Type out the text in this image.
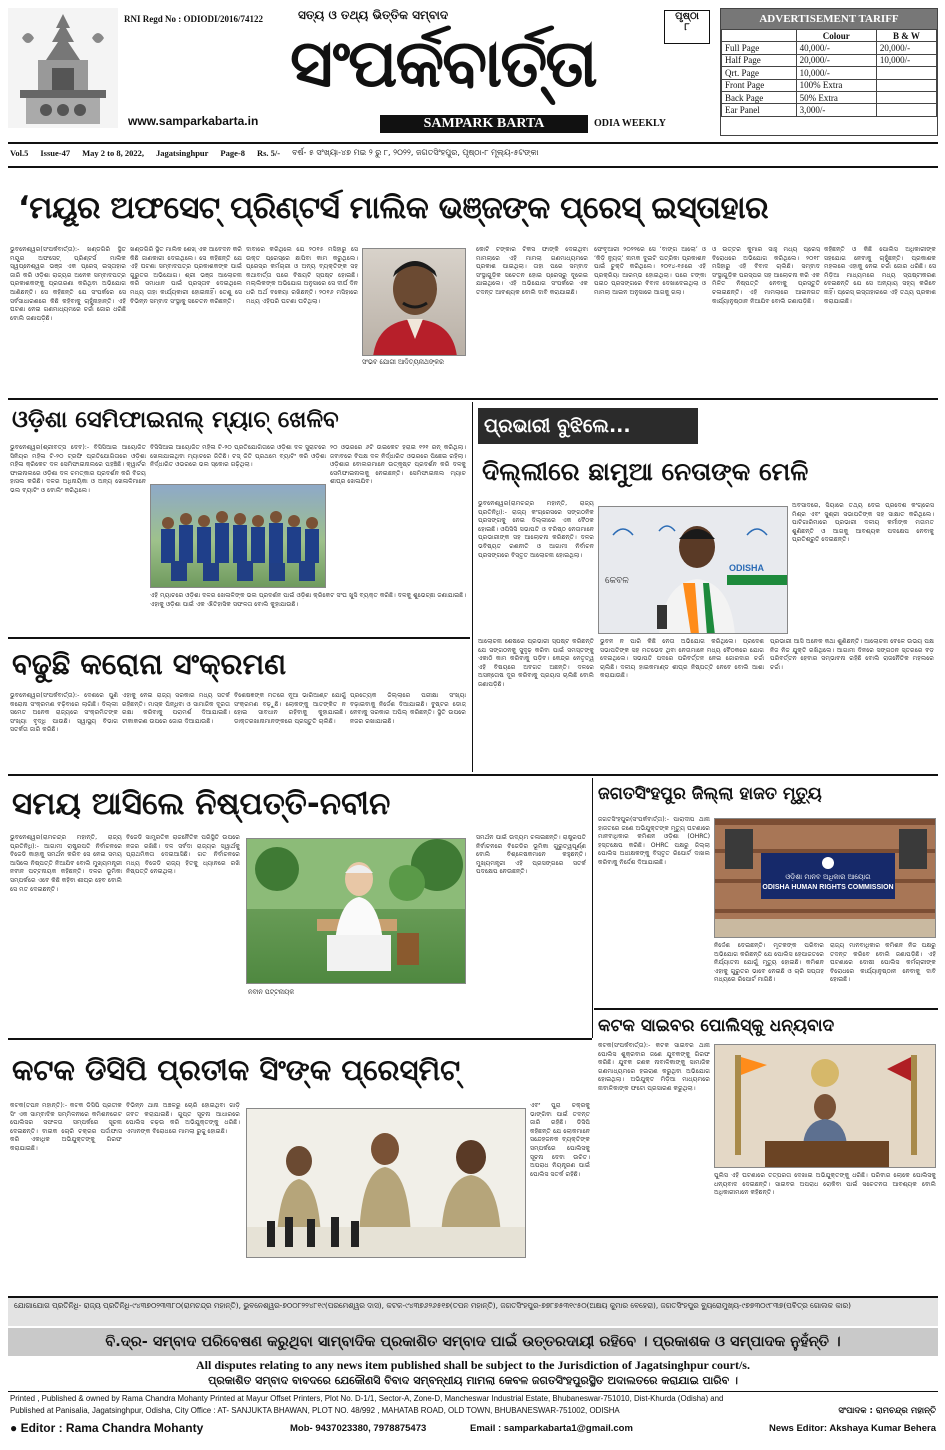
RNI Regd No : ODIODI/2016/74122	ସତ୍ୟ ଓ ତଥ୍ୟ ଭିତ୍ତିକ ସମ୍ବାଦ
ସଂପର୍କବାର୍ତ୍ତା
SAMPARK BARTA	ODIA WEEKLY
www.samparkabarta.in
ପୃଷ୍ଠା
୮
ADVERTISEMENT TARIFF
	Colour	B & W
Full Page	40,000/-	20,000/-
Half Page	20,000/-	10,000/-
Qrt. Page	10,000/-	
Front Page	100% Extra	
Back Page	50% Extra	
Ear Panel	3,000/-	
Vol.5 Issue-47 May 2 to 8, 2022, Jagatsinghpur Page-8 Rs. 5/- ବର୍ଷ- ୫ ସଂଖ୍ୟା-୪୭ ମଇ ୨ ରୁ ୮, ୨୦୨୨, ଜଗତସିଂହପୁର, ପୃଷ୍ଠା-୮ ମୂଲ୍ୟ-୫ଟଙ୍କା
‘ମୟୂର ଅଫସେଟ୍ ପ୍ରିଣ୍ଟର୍ସ ମାଲିକ ଭଞ୍ଜଙ୍କ ପ୍ରେସ୍ ଇସ୍ତାହାର
ଭୁବନେଶ୍ୱର(ସଂପର୍କବାର୍ତ୍ତା):- ଖଣ୍ଡଗିରି ସ୍ଥିତ ମୟୂର ଅଫସେଟ୍ ପ୍ରିଣ୍ଟର୍ସ ମାଲିକ ସ୍ୱପ୍ନେଶ୍ୱର ଭଞ୍ଜ ଏକ ପ୍ରେସ୍ ଇସ୍ତାହାର ଜାରି କରି ଓଡ଼ିଶା ରାଜ୍ୟର ଅନେକ ସମ୍ବାଦପତ୍ର ପ୍ରକାଶକଙ୍କୁ ପ୍ରତାରଣା କରିଥିବା ଅଭିଯୋଗ ଆଣିଛନ୍ତି। ସେ କହିଛନ୍ତି ଯେ ସଂପର୍କରେ ସେ ସର୍ବସାଧାରଣରେ କିଛି କହିବାକୁ ଚାହୁଁନାହାନ୍ତି। ଏହି ଘଟଣା ନେଇ ଗଣମାଧ୍ୟମରେ ଚର୍ଚ୍ଚା ଜୋର ଧରିଛି ବୋଲି ଜଣାପଡ଼ିଛି।
ଖଣ୍ଡଗିରି ସ୍ଥିତ ମାଲିକ ଶେଖ୍ ଏକ ଆବେଦନ କରି କିଛି ଜାଣକାରୀ ଦେଇଥିଲେ। ସେ କହିଛନ୍ତି ଯେ ଏହି ଘଟଣା ସମ୍ବାଦପତ୍ର ପ୍ରକାଶକଙ୍କ ପାଇଁ ଗୁରୁତର ଅଭିଯୋଗ। ଶ୍ରୀ ଭଞ୍ଜ ଆଲୋଚନା କରି ସମାଧାନ ପାଇଁ ପ୍ରସ୍ତାବ ଦେଇଥିଲେ ମଧ୍ୟ ତାହା କାର୍ଯ୍ୟକାରୀ ହୋଇନାହିଁ। ତେଣୁ ସେ ବିଭିନ୍ନ ସମ୍ବାଦ ସଂସ୍ଥାକୁ ସଚେତନ କରିଛନ୍ତି।
ଦାବାରେ କରିଥିଲେ ଯେ ୨୦୧୫ ମସିହାରୁ ସେ ଉକ୍ତ ପ୍ରେସ୍‌ରେ ଛାପିବା କାମ କରୁଥିଲେ। ପ୍ରେସ୍‌ର କର୍ମଚାରୀ ଓ ଅନ୍ୟ ବ୍ୟକ୍ତିଙ୍କ ସହ କଥାବାର୍ତ୍ତା ପରେ ବିଷୟଟି ସ୍ପଷ୍ଟ ହୋଇଛି। ମଲ୍ଲିକଙ୍କ ଅଭିଯୋଗ ଅନୁସାରେ ସେ ଦୀର୍ଘ ଦିନ ଧରି ଅର୍ଥ ବକେୟା ରଖିଛନ୍ତି। ୨୦୧୬ ମସିହାରେ ମଧ୍ୟ ଏହିପରି ଘଟଣା ଘଟିଥିଲା।
ସଂଭବ ଯୋଗୀ ଆଦିତ୍ୟନାଥଙ୍କର
କୋଟି ଟଙ୍କାର ଟିକସ ଫାଙ୍କି ଦେଇଥିବା ମାମଲାରେ ଏହି ମାମଲା ଗଣମାଧ୍ୟମରେ ପ୍ରକାଶ ପାଇଥିଲା। ତାହା ପରେ ସମ୍ବାଦ ସଂସ୍ଥାଗୁଡ଼ିକ ସଚେତନ ହୋଇ ପ୍ରେସ୍‌ରୁ ଦୂରେଇ ଯାଇଥିଲେ। ଏହି ଅଭିଯୋଗ ସଂପର୍କରେ ଏକ ତଦନ୍ତ ଆବଶ୍ୟକ ବୋଲି ଦାବି କରାଯାଇଛି।
ଫେବୃଆରୀ ୨୦୨୨ରେ ସେ ‘ବାଙ୍ଗ ଆଲୋ’ ଓ ‘କିଡ଼ି ନ୍ୟୁଜ୍’ ନାମକ ଦୁଇଟି ପତ୍ରିକା ପ୍ରକାଶନ ପାଇଁ ଚୁକ୍ତି କରିଥିଲେ। ୨୦୧୪-୧୫ରେ ଏହି ପ୍ରକ୍ରିୟା ଆରମ୍ଭ ହୋଇଥିଲା। ପରେ ଟଙ୍କା ପଇଠ ପ୍ରସଙ୍ଗରେ ବିବାଦ ଦେଖାଦେଇଥିଲା ଓ ମାମଲା ଆଇନ ଅନୁସାରେ ଆଗକୁ ଗଲା।
ଓ ଉତ୍ତର କୁମାର ସାହୁ ମଧ୍ୟ ପ୍ରେସ୍ ବିରୋଧରେ ଅଭିଯୋଗ କରିଥିଲେ। ୨୦୧୮ ମସିହାରୁ ଏହି ବିବାଦ ଚାଲିଛି। ସମ୍ବାଦ ସଂସ୍ଥାଗୁଡ଼ିକ ପରସ୍ପର ସହ ଆଲୋଚନା କରି ଏକ ମିଳିତ ନିଷ୍ପତ୍ତି ନେବାକୁ ପ୍ରସ୍ତୁତି ଚଳାଇଛନ୍ତି। ଏହି ମାମଲାରେ ଆଇନଗତ କାର୍ଯ୍ୟାନୁଷ୍ଠାନ ନିଆଯିବ ବୋଲି ଜଣାପଡ଼ିଛି।
କହିଛନ୍ତି ଓ କିଛି ପୋଲିସ ଅଧିକାରୀଙ୍କ ସହଯୋଗ ନେବାକୁ ଚାହୁଁଛନ୍ତି। ପ୍ରକାଶକ ମହଲରେ ଏହାକୁ ନେଇ ଚର୍ଚ୍ଚା ଜୋର ଧରିଛି। ସେ ମିଡ଼ିଆ ମାଧ୍ୟମରେ ମଧ୍ୟ ସ୍ପଷ୍ଟୀକରଣ ଦେଇଛନ୍ତି ଯେ ସେ ଅନ୍ୟାୟ ସହ୍ୟ କରିବେ ନାହିଁ। ପ୍ରେସ୍ ଇସ୍ତାହାରରେ ଏହି ତଥ୍ୟ ପ୍ରକାଶ କରାଯାଇଛି।
ଓଡ଼ିଶା ସେମିଫାଇନାଲ୍ ମ୍ୟାଚ୍ ଖେଳିବ
ଭୁବନେଶ୍ୱର(ଶ୍ରୀବତ୍ସ ଦେବ):- ବିସିସିଆଇ ଆୟୋଜିତ ସିନିୟର ମହିଳା ଟି-୨୦ ଟ୍ରଫି ପ୍ରତିଯୋଗିତାରେ ଓଡ଼ିଶା ମହିଳା କ୍ରିକେଟ ଦଳ ସେମିଫାଇନାଲରେ ପହଞ୍ଚିଛି। କ୍ୱାର୍ଟର ଫାଇନାଲରେ ଓଡ଼ିଶା ଦଳ ଚମତ୍କାର ପ୍ରଦର୍ଶନ କରି ବିଜୟ ହାସଲ କରିଛି। ଦଳର ଅଧିନାୟିକା ଓ ଅନ୍ୟ ଖେଳାଳିମାନେ ଭଲ ବ୍ୟାଟିଂ ଓ ବୋଲିଂ କରିଥିଲେ।
ବିସିସିଆଇ ଆୟୋଜିତ ମହିଳା ଟି-୨୦ ପ୍ରତିଯୋଗିତାରେ ଓଡ଼ିଶା ଦଳ ସୁରାଟରେ ଖେଳାଯାଇଥିବା ମ୍ୟାଚରେ ଜିତିଛି। ଟସ୍ ଜିତି ପ୍ରଥମେ ବ୍ୟାଟିଂ କରି ଓଡ଼ିଶା ନିର୍ଦ୍ଧାରିତ ଓଭରରେ ଭଲ ସ୍କୋର ଗଢ଼ିଥିଲା।
୨୦ ଓଭରରେ ୬ଟି ଉଇକେଟ ହରାଇ ୧୨୧ ରନ୍ କରିଥିଲା। ଜବାବରେ ବିପକ୍ଷ ଦଳ ନିର୍ଦ୍ଧାରିତ ଓଭରରେ ପିଛେଇ ରହିଲା। ଓଡ଼ିଶାର ବୋଲରମାନେ ଉତ୍କୃଷ୍ଟ ପ୍ରଦର୍ଶନ କରି ଦଳକୁ ସେମିଫାଇନାଲକୁ ନେଇଛନ୍ତି। ସେମିଫାଇନାଲ ମ୍ୟାଚ ଶୀଘ୍ର ଖେଳାଯିବ।
ଏହି ମ୍ୟାଚରେ ଓଡ଼ିଶା ଦଳର ଖେଳାଳିଙ୍କ ଭଲ ପ୍ରଦର୍ଶନ ପାଇଁ ଓଡ଼ିଶା କ୍ରିକେଟ ସଂଘ ଖୁସି ବ୍ୟକ୍ତ କରିଛି। ଦଳକୁ ଶୁଭେଚ୍ଛା ଜଣାଯାଇଛି। ଏହାକୁ ଓଡ଼ିଶା ପାଇଁ ଏକ ଐତିହାସିକ ସଫଳତା ବୋଲି କୁହାଯାଉଛି।
ପ୍ରଭାରୀ ବୁଝିଲେ...
ଦିଲ୍ଲୀରେ ଛାମୁଆ ନେତାଙ୍କ ମେଳି
ଭୁବନେଶ୍ୱର(ରାମଚନ୍ଦ୍ର ମହାନ୍ତି, ରାଜ୍ୟ ପ୍ରତିନିଧି):- ରାଜ୍ୟ କଂଗ୍ରେସରେ ସଙ୍ଗଠନିକ ପ୍ରସଙ୍ଗକୁ ନେଇ ଦିଲ୍ଲୀରେ ଏକ ବୈଠକ ହୋଇଛି। ଓପିସିସି ସଭାପତି ଓ ବରିଷ୍ଠ ନେତାମାନେ ପ୍ରଭାରୀଙ୍କ ସହ ଆଲୋଚନା କରିଛନ୍ତି। ଦଳର ଭବିଷ୍ୟତ ରଣନୀତି ଓ ଆଗାମୀ ନିର୍ବାଚନ ପ୍ରସଙ୍ଗରେ ବିସ୍ତୃତ ଆଲୋଚନା ହୋଇଥିଲା।
କେବଳ
ODISHA
ଅବସାଦରେ, ସିୟାରେ ତଥ୍ୟ ଦେଇ ପ୍ରଦେଶ କଂଗ୍ରେସ ମିଶ୍ର ଏବଂ ସୁଶ୍ରୀ ସଭାପତିଙ୍କ ସହ ସାକ୍ଷାତ କରିଥିଲେ। ପାଟିଗାରିମାରେ ପ୍ରଭାରୀ ଦଳୀୟ କର୍ମୀଙ୍କ ମତାମତ ଶୁଣିଛନ୍ତି ଓ ଆଗକୁ ଆବଶ୍ୟକ ପଦକ୍ଷେପ ନେବାକୁ ପ୍ରତିଶ୍ରୁତି ଦେଇଛନ୍ତି।
ଆଲୋଚନା ଶେଷରେ ପ୍ରଭାରୀ ସ୍ପଷ୍ଟ କରିଛନ୍ତି ଯେ ସଙ୍ଗଠନକୁ ସୁଦୃଢ଼ କରିବା ପାଇଁ ସମସ୍ତଙ୍କୁ ଏକାଠି କାମ କରିବାକୁ ପଡ଼ିବ। କେନ୍ଦ୍ର ନେତୃତ୍ୱ ଏହି ବିଷୟରେ ଅବଗତ ଅଛନ୍ତି। ଦଳରେ ଅସନ୍ତୋଷ ଦୂର କରିବାକୁ ପ୍ରୟାସ ଚାଲିଛି ବୋଲି ଜଣାପଡ଼ିଛି।
ଭୁବନ ନ ପାରି କିଛି ନେତା ଅଭିଯୋଗ କରିଥିଲେ। ପ୍ରଦେଶ ସଭାପତିଙ୍କ ସହ ମତଭେଦ ଥିବା ନେତାମାନେ ମଧ୍ୟ ବୈଠକରେ ଯୋଗ ଦେଇଥିଲେ। ସଭାପତି ପଦରେ ପରିବର୍ତ୍ତନ ନେଇ ଜୋରଦାର ଚର୍ଚ୍ଚା ଚାଲିଛି। ଦଳୀୟ ହାଇକମାଣ୍ଡ ଶୀଘ୍ର ନିଷ୍ପତ୍ତି ନେବେ ବୋଲି ଆଶା କରାଯାଉଛି।
ପ୍ରଭାରୀ ଆସି ଅନେକ କଥା ଶୁଣିଛନ୍ତି। ଆଲୋଚନା ବେଳେ ଉଭୟ ପକ୍ଷ ନିଜ ନିଜ ଯୁକ୍ତି ରଖିଥିଲେ। ଆଗାମୀ ଦିନରେ ସଙ୍ଗଠନ ସ୍ତରରେ ବଡ଼ ପରିବର୍ତ୍ତନ ହେବାର ସମ୍ଭାବନା ରହିଛି ବୋଲି ରାଜନୈତିକ ମହଲରେ ଚର୍ଚ୍ଚା।
ବଢୁଛି କରୋନା ସଂକ୍ରମଣ
ଭୁବନେଶ୍ୱର(ସଂପର୍କବାର୍ତ୍ତା):- ଦେଶରେ ପୁଣି କରୋନା ସଂକ୍ରମଣ ବଢ଼ିବାରେ ଲାଗିଛି। ଦିଲ୍ଲୀ ସମେତ ଅନେକ ରାଜ୍ୟରେ ସଂକ୍ରମିତଙ୍କ ସଂଖ୍ୟା ବୃଦ୍ଧି ପାଉଛି। ସ୍ୱାସ୍ଥ୍ୟ ବିଭାଗ ସତର୍କତା ଜାରି କରିଛି।
ଏହାକୁ ନେଇ ରାଜ୍ୟ ସରକାର ମଧ୍ୟ ସତର୍କ ରହିଛନ୍ତି। ମାସ୍କ ପିନ୍ଧିବା ଓ ସାମାଜିକ ଦୂରତା ରକ୍ଷା କରିବାକୁ ପରାମର୍ଶ ଦିଆଯାଇଛି। ଟୀକାକରଣ ଉପରେ ଜୋର ଦିଆଯାଉଛି।
ବିଶେଷଜ୍ଞଙ୍କ ମତରେ ନୂଆ ଭାରିଆଣ୍ଟ ଯୋଗୁଁ ସଂକ୍ରମଣ ବଢ଼ୁଛି। ଲୋକଙ୍କୁ ଆତଙ୍କିତ ନ ହୋଇ ସାବଧାନ ରହିବାକୁ କୁହାଯାଇଛି। ଡାକ୍ତରଖାନାମାନଙ୍କରେ ପ୍ରସ୍ତୁତି ଚାଲିଛି।
ପ୍ରତ୍ୟେକ ଜିଲ୍ଲାରେ ପରୀକ୍ଷା ସଂଖ୍ୟା ବଢ଼ାଇବାକୁ ନିର୍ଦ୍ଦେଶ ଦିଆଯାଇଛି। ବୁଷ୍ଟର ଡୋଜ୍ ନେବାକୁ ସରକାର ଅପିଲ୍ କରିଛନ୍ତି। ସ୍ଥିତି ଉପରେ ନଜର ରଖାଯାଇଛି।
ସମୟ ଆସିଲେ ନିଷ୍ପତ୍ତି-ନବୀନ
ଭୁବନେଶ୍ୱର(ରାମଚନ୍ଦ୍ର ମହାନ୍ତି, ରାଜ୍ୟ ପ୍ରତିନିଧି):- ଆଗାମୀ ରାଷ୍ଟ୍ରପତି ନିର୍ବାଚନରେ ବିଜେଡି କାହାକୁ ସମର୍ଥନ କରିବ ସେ ନେଇ ସମୟ ଆସିଲେ ନିଷ୍ପତ୍ତି ନିଆଯିବ ବୋଲି ମୁଖ୍ୟମନ୍ତ୍ରୀ ନବୀନ ପଟ୍ଟନାୟକ କହିଛନ୍ତି। ଦଳର ଭୂମିକା ସମ୍ପର୍କରେ ଏବେ କିଛି କହିବା ଶୀଘ୍ର ହେବ ବୋଲି ସେ ମତ ଦେଇଛନ୍ତି।
ବିଜେଡି ସାମ୍ପ୍ରତିକ ରାଜନୈତିକ ପରିସ୍ଥିତି ଉପରେ ନଜର ରଖିଛି। ଦଳ ସର୍ବଦା ରାଜ୍ୟର ସ୍ୱାର୍ଥକୁ ପ୍ରାଥମିକତା ଦେଇଆସିଛି। ଗତ ନିର୍ବାଚନରେ ମଧ୍ୟ ବିଜେଡି ରାଜ୍ୟ ହିତକୁ ଧ୍ୟାନରେ ରଖି ନିଷ୍ପତ୍ତି ନେଇଥିଲା।
ନବୀନ ପଟ୍ଟନାୟକ
ସମର୍ଥନ ପାଇଁ ଉଦ୍ୟମ ଚଳାଇଛନ୍ତି। ରାଷ୍ଟ୍ରପତି ନିର୍ବାଚନରେ ବିଜେଡିର ଭୂମିକା ଗୁରୁତ୍ୱପୂର୍ଣ୍ଣ ବୋଲି ବିଶ୍ଳେଷକମାନେ କହୁଛନ୍ତି। ମୁଖ୍ୟମନ୍ତ୍ରୀ ଏହି ପ୍ରସଙ୍ଗରେ ସତର୍କ ପଦକ୍ଷେପ ନେଉଛନ୍ତି।
ଜଗତସିଂହପୁର ଜିଲ୍ଲା ହାଜତ ମୃତ୍ୟୁ
ଜଗତସିଂହପୁର(ସଂପର୍କବାର୍ତ୍ତା):- ପାରାଦୀପ ଥାନା ହାଜତରେ ଜଣେ ଅଭିଯୁକ୍ତଙ୍କ ମୃତ୍ୟୁ ଘଟଣାରେ ମାନବାଧିକାର କମିଶନ ଓଡ଼ିଶା (OHRC) ହସ୍ତକ୍ଷେପ କରିଛି। OHRC ପକ୍ଷରୁ ଜିଲ୍ଲା ପୋଲିସ ଅଧୀକ୍ଷକଙ୍କୁ ବିସ୍ତୃତ ରିପୋର୍ଟ ଦାଖଲ କରିବାକୁ ନିର୍ଦ୍ଦେଶ ଦିଆଯାଇଛି।
ଓଡ଼ିଶା ମାନବ ଅଧିକାର ଆୟୋଗ
ODISHA HUMAN RIGHTS COMMISSION
ନିର୍ଦ୍ଦେଶ ଦେଇଛନ୍ତି। ମୃତକଙ୍କ ପରିବାର ଅଭିଯୋଗ କରିଛନ୍ତି ଯେ ପୋଲିସ ହେପାଜତରେ ନିର୍ଯ୍ୟାତନା ଯୋଗୁଁ ମୃତ୍ୟୁ ହୋଇଛି। କମିଶନ ଏହାକୁ ଗୁରୁତର ଭାବେ ନେଇଛି ଓ ଚାରି ସପ୍ତାହ ମଧ୍ୟରେ ରିପୋର୍ଟ ମାଗିଛି।
ରାଜ୍ୟ ମାନବାଧିକାର କମିଶନ ନିଜ ପକ୍ଷରୁ ତଦନ୍ତ କରିବେ ବୋଲି ଜଣାପଡ଼ିଛି। ଏହି ଘଟଣାରେ ଦୋଷୀ ପୋଲିସ କର୍ମଚାରୀଙ୍କ ବିରୋଧରେ କାର୍ଯ୍ୟାନୁଷ୍ଠାନ ନେବାକୁ ଦାବି ହୋଇଛି।
କଟକ ସାଇବର ପୋଲିସ୍‌କୁ ଧନ୍ୟବାଦ
କଟକ(ସଂପର୍କବାର୍ତ୍ତା):- କଟକ ସାଇବର ଥାନା ପୋଲିସ ଶୁକ୍ରବାର ଜଣେ ଯୁବକଙ୍କୁ ଗିରଫ କରିଛି। ଯୁବକ ଜଣକ ନାବାଳିକାଙ୍କୁ ସାମାଜିକ ଗଣମାଧ୍ୟମରେ ହଇରାଣ କରୁଥିବା ଅଭିଯୋଗ ହୋଇଥିଲା। ଅଭିଯୁକ୍ତ ମିଡ଼ିଆ ମାଧ୍ୟମରେ ନାବାଳିକାଙ୍କ ଫଟୋ ପ୍ରସାରଣ କରୁଥିଲା।
ପୁଲିସ ଏହି ଘଟଣାରେ ତତ୍ପରତା ଦେଖାଇ ଅଭିଯୁକ୍ତଙ୍କୁ ଧରିଛି। ପରିବାର ଲୋକେ ପୋଲିସକୁ ଧନ୍ୟବାଦ ଦେଇଛନ୍ତି। ସାଇବର ଅପରାଧ ରୋକିବା ପାଇଁ ସଚେତନତା ଆବଶ୍ୟକ ବୋଲି ଅଧିକାରୀମାନେ କହିଛନ୍ତି।
କଟକ ଡିସିପି ପ୍ରତୀକ ସିଂଙ୍କ ପ୍ରେସ୍‌ମିଟ୍
କଟକ(ତପନ ମହାନ୍ତି):- କଟକ ଡିସିପି ପ୍ରତୀକ ସିଂ ଏକ ସାମ୍ବାଦିକ ସମ୍ମିଳନୀରେ କମିଶନରେଟ ପୋଲିସର ସଫଳତା ସମ୍ପର୍କରେ ସୂଚନା ଦେଇଛନ୍ତି। ବାଇକ ଚୋରି ଚକ୍ରର ପର୍ଦ୍ଦାଫାସ କରି ଏକାଧିକ ଅଭିଯୁକ୍ତଙ୍କୁ ଗିରଫ କରାଯାଇଛି।
ବିଭିନ୍ନ ଥାନା ଅଞ୍ଚଳରୁ ଚୋରି ହୋଇଥିବା ଗାଡ଼ି ଜବତ କରାଯାଇଛି। ଗୁପ୍ତ ସୂଚନା ଆଧାରରେ ପୋଲିସ ଚଢ଼ଉ କରି ଅଭିଯୁକ୍ତଙ୍କୁ ଧରିଛି। ଏମାନଙ୍କ ବିରୋଧରେ ମାମଲା ରୁଜୁ ହୋଇଛି।
ଏବଂ ପୁରା ଚକ୍ରକୁ ଭାଙ୍ଗିବା ପାଇଁ ତଦନ୍ତ ଜାରି ରହିଛି। ଡିସିପି କହିଛନ୍ତି ଯେ ଲୋକମାନେ ସନ୍ଦେହଜନକ ବ୍ୟକ୍ତିଙ୍କ ସମ୍ପର୍କରେ ପୋଲିସକୁ ସୂଚନା ଦେବା ଉଚିତ। ଅପରାଧ ନିୟନ୍ତ୍ରଣ ପାଇଁ ପୋଲିସ ସତର୍କ ରହିଛି।
ଯୋଗାଯୋଗ ପ୍ରତିନିଧି- ରାଜ୍ୟ ପ୍ରତିନିଧି-୯୪୩୭୦୨୩୩୮୦(ରାମଚନ୍ଦ୍ର ମହାନ୍ତି), ଭୁବନେଶ୍ୱର-୭୦୦୮୨୨୪୮୧୯(ପରମେଶ୍ୱର ଦାସ), କଟକ-୯୪୩୭୬୨୬୫୧୭(ତପନ ମହାନ୍ତି), ଜଗତସିଂହପୁର-୭୭୮୭୫୩୧୯୫୦(ଅକ୍ଷୟ କୁମାର ବେହେରା), ଜଗତସିଂହପୁର ବ୍ୟୁରୋମୁଖ୍ୟ-୯୭୭୩୦୯୮୩୭(ପବିତ୍ର ଗୋଲକ କାର)
ବି.ଦ୍ର- ସମ୍ବାଦ ପରିବେଷଣ କରୁଥିବା ସାମ୍ବାଦିକ ପ୍ରକାଶିତ ସମ୍ବାଦ ପାଇଁ ଉତ୍ତରଦାୟୀ ରହିବେ । ପ୍ରକାଶକ ଓ ସମ୍ପାଦକ ନୁହଁନ୍ତି ।
All disputes relating to any news item published shall be subject to the Jurisdiction of Jagatsinghpur court/s.
ପ୍ରକାଶିତ ସମ୍ବାଦ ବାବଦରେ ଯେକୌଣସି ବିବାଦ ସମ୍ବନ୍ଧୀୟ ମାମଲା କେବଳ ଜଗତସିଂହପୁରସ୍ଥିତ ଅଦାଲତରେ କରାଯାଇ ପାରିବ ।
Printed , Published & owned by Rama Chandra Mohanty Printed at Mayur Offset Printers, Plot No. D-1/1, Sector-A, Zone-D, Mancheswar Industrial Estate, Bhubaneswar-751010, Dist-Khurda (Odisha) and
Published at Panisalia, Jagatsinghpur, Odisha, City Office : AT- SANJUKTA BHAWAN, PLOT NO. 48/992 , MAHATAB ROAD, OLD TOWN, BHUBANESWAR-751002, ODISHA	ସଂପାଦକ : ରାମଚନ୍ଦ୍ର ମହାନ୍ତି
● Editor : Rama Chandra Mohanty	Mob- 9437023380, 7978875473	Email : samparkabarta1@gmail.com	News Editor: Akshaya Kumar Behera
